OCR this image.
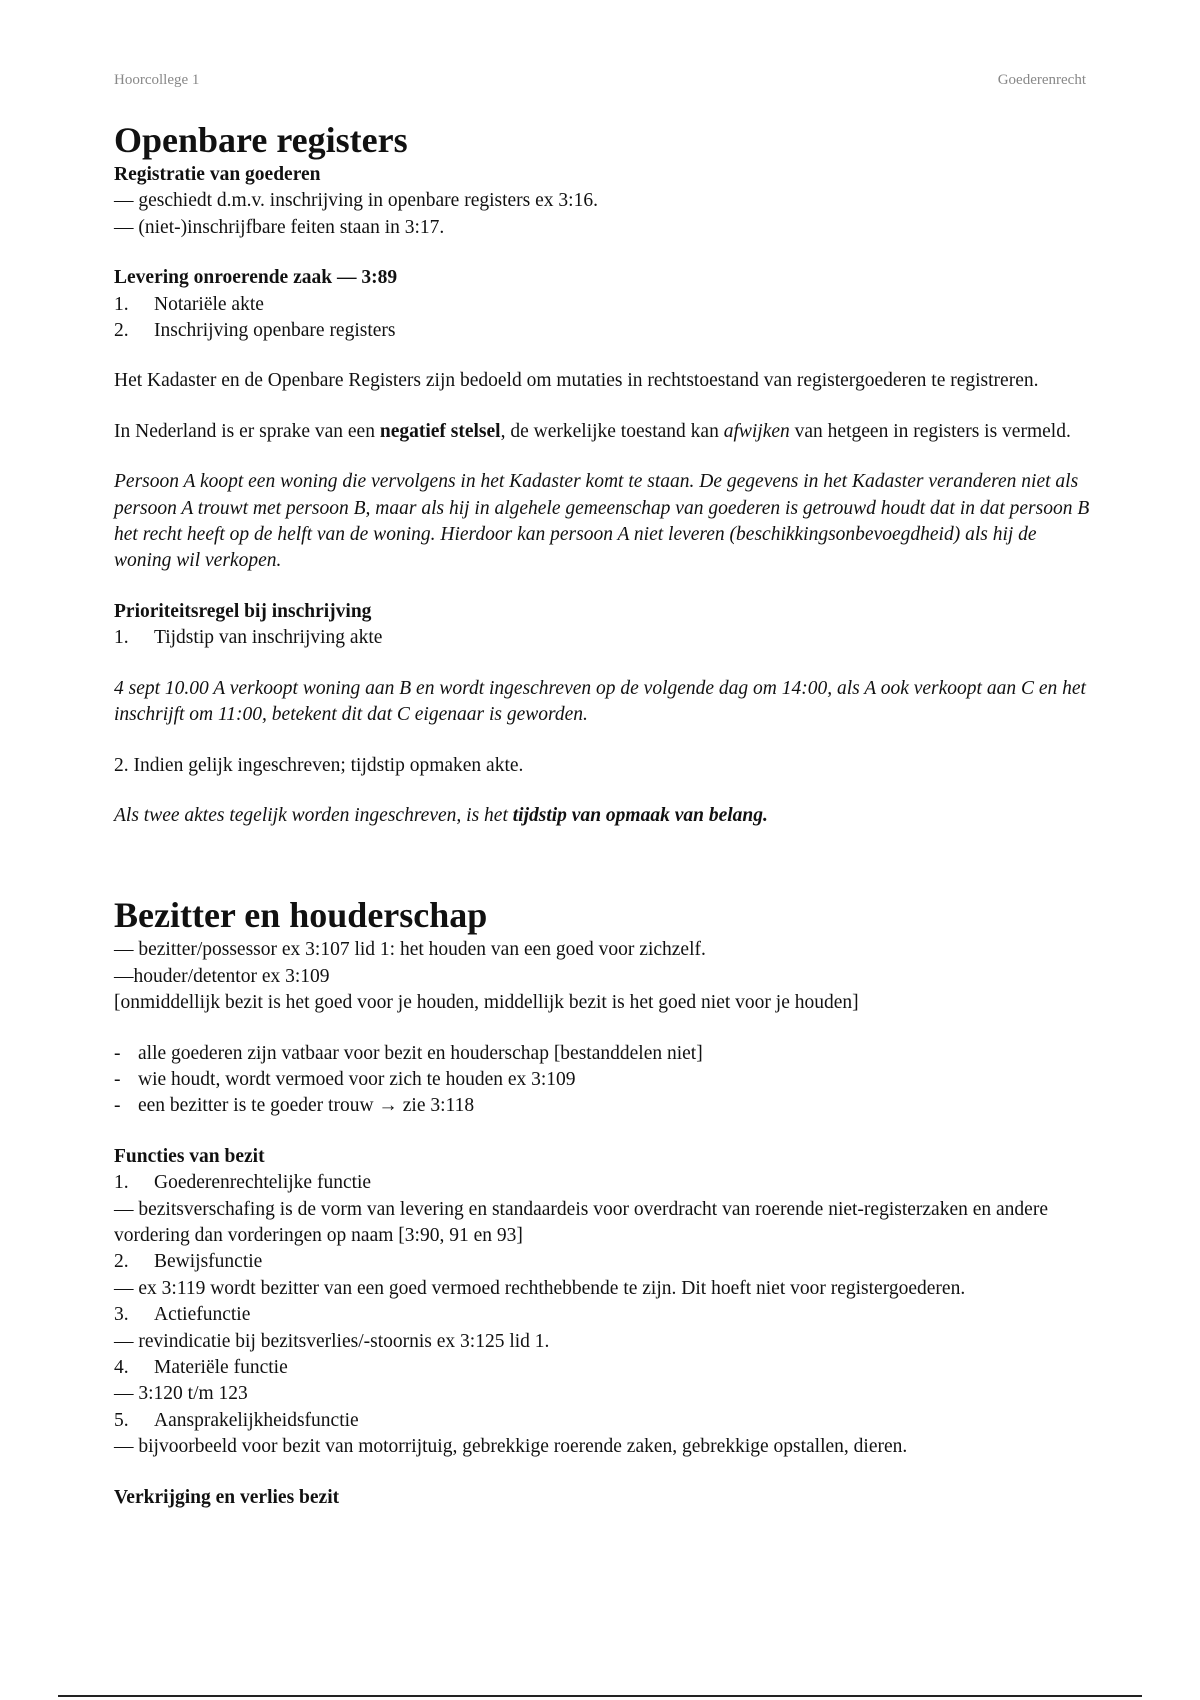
Hoorcollege 1	Goederenrecht
Openbare registers
Registratie van goederen
— geschiedt d.m.v. inschrijving in openbare registers ex 3:16.
— (niet-)inschrijfbare feiten staan in 3:17.
Levering onroerende zaak — 3:89
1. Notariële akte
2. Inschrijving openbare registers
Het Kadaster en de Openbare Registers zijn bedoeld om mutaties in rechtstoestand van registergoederen te registreren.
In Nederland is er sprake van een negatief stelsel, de werkelijke toestand kan afwijken van hetgeen in registers is vermeld.
Persoon A koopt een woning die vervolgens in het Kadaster komt te staan. De gegevens in het Kadaster veranderen niet als persoon A trouwt met persoon B, maar als hij in algehele gemeenschap van goederen is getrouwd houdt dat in dat persoon B het recht heeft op de helft van de woning. Hierdoor kan persoon A niet leveren (beschikkingsonbevoegdheid) als hij de woning wil verkopen.
Prioriteitsregel bij inschrijving
1. Tijdstip van inschrijving akte
4 sept 10.00 A verkoopt woning aan B en wordt ingeschreven op de volgende dag om 14:00, als A ook verkoopt aan C en het inschrijft om 11:00, betekent dit dat C eigenaar is geworden.
2. Indien gelijk ingeschreven; tijdstip opmaken akte.
Als twee aktes tegelijk worden ingeschreven, is het tijdstip van opmaak van belang.
Bezitter en houderschap
— bezitter/possessor ex 3:107 lid 1: het houden van een goed voor zichzelf.
—houder/detentor ex 3:109
[onmiddellijk bezit is het goed voor je houden, middellijk bezit is het goed niet voor je houden]
- alle goederen zijn vatbaar voor bezit en houderschap [bestanddelen niet]
- wie houdt, wordt vermoed voor zich te houden ex 3:109
- een bezitter is te goeder trouw → zie 3:118
Functies van bezit
1. Goederenrechtelijke functie
— bezitsverschafing is de vorm van levering en standaardeis voor overdracht van roerende niet-registerzaken en andere vordering dan vorderingen op naam [3:90, 91 en 93]
2. Bewijsfunctie
— ex 3:119 wordt bezitter van een goed vermoed rechthebbende te zijn. Dit hoeft niet voor registergoederen.
3. Actiefunctie
— revindicatie bij bezitsverlies/-stoornis ex 3:125 lid 1.
4. Materiële functie
— 3:120 t/m 123
5. Aansprakelijkheidsfunctie
— bijvoorbeeld voor bezit van motorrijtuig, gebrekkige roerende zaken, gebrekkige opstallen, dieren.
Verkrijging en verlies bezit
